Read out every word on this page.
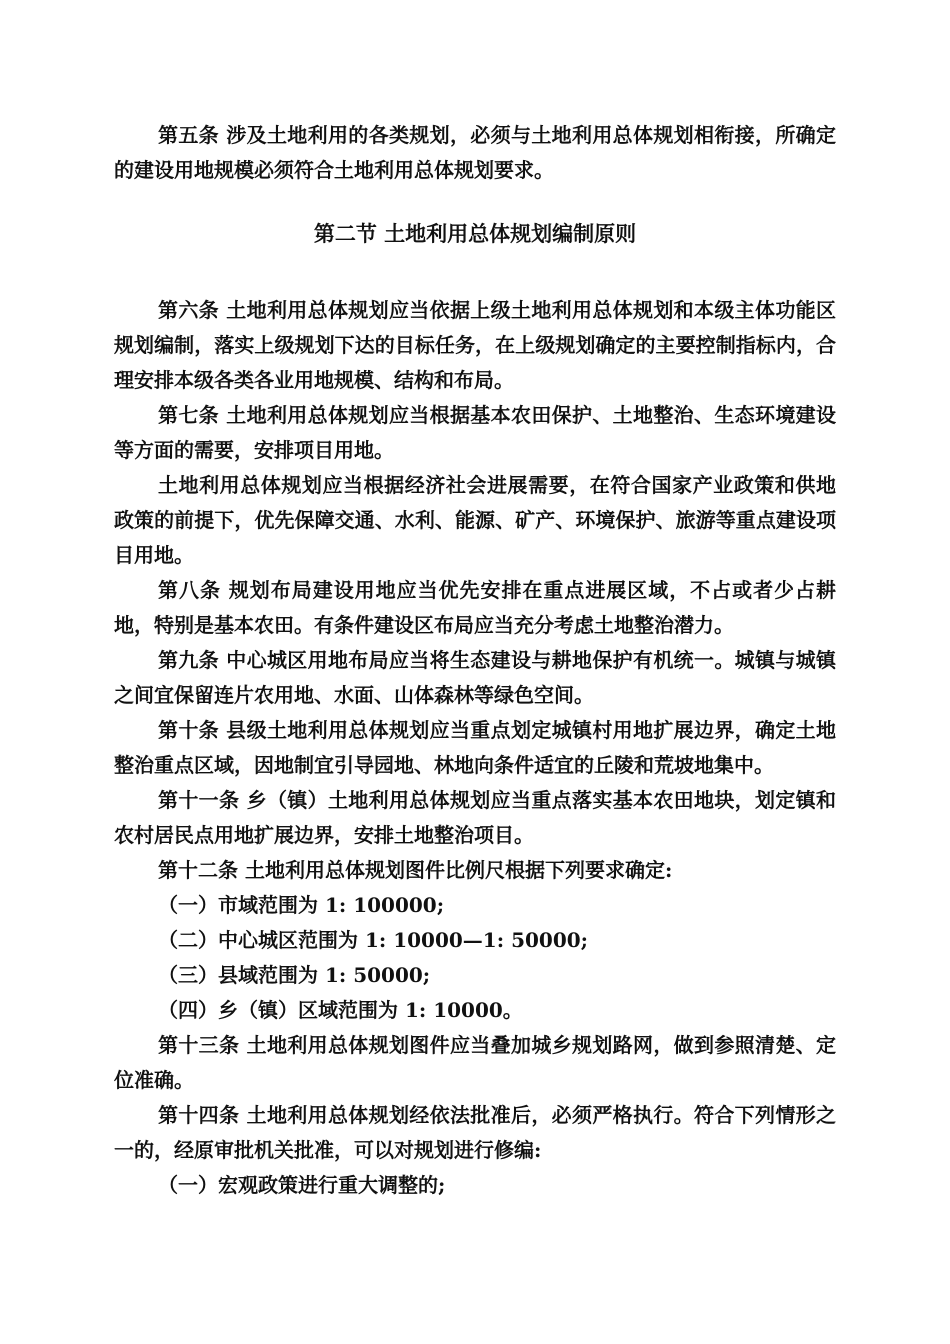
第五条 涉及土地利用的各类规划，必须与土地利用总体规划相衔接，所确定的建设用地规模必须符合土地利用总体规划要求。

第二节 土地利用总体规划编制原则

第六条 土地利用总体规划应当依据上级土地利用总体规划和本级主体功能区规划编制，落实上级规划下达的目标任务，在上级规划确定的主要控制指标内，合理安排本级各类各业用地规模、结构和布局。

第七条 土地利用总体规划应当根据基本农田保护、土地整治、生态环境建设等方面的需要，安排项目用地。

土地利用总体规划应当根据经济社会进展需要，在符合国家产业政策和供地政策的前提下，优先保障交通、水利、能源、矿产、环境保护、旅游等重点建设项目用地。

第八条 规划布局建设用地应当优先安排在重点进展区域，不占或者少占耕地，特别是基本农田。有条件建设区布局应当充分考虑土地整治潜力。

第九条 中心城区用地布局应当将生态建设与耕地保护有机统一。城镇与城镇之间宜保留连片农用地、水面、山体森林等绿色空间。

第十条 县级土地利用总体规划应当重点划定城镇村用地扩展边界，确定土地整治重点区域，因地制宜引导园地、林地向条件适宜的丘陵和荒坡地集中。

第十一条 乡（镇）土地利用总体规划应当重点落实基本农田地块，划定镇和农村居民点用地扩展边界，安排土地整治项目。

第十二条 土地利用总体规划图件比例尺根据下列要求确定:

（一）市域范围为 1: 100000;

（二）中心城区范围为 1: 10000—1: 50000;

（三）县域范围为 1: 50000;

（四）乡（镇）区域范围为 1: 10000。

第十三条 土地利用总体规划图件应当叠加城乡规划路网，做到参照清楚、定位准确。

第十四条 土地利用总体规划经依法批准后，必须严格执行。符合下列情形之一的，经原审批机关批准，可以对规划进行修编:

（一）宏观政策进行重大调整的;
